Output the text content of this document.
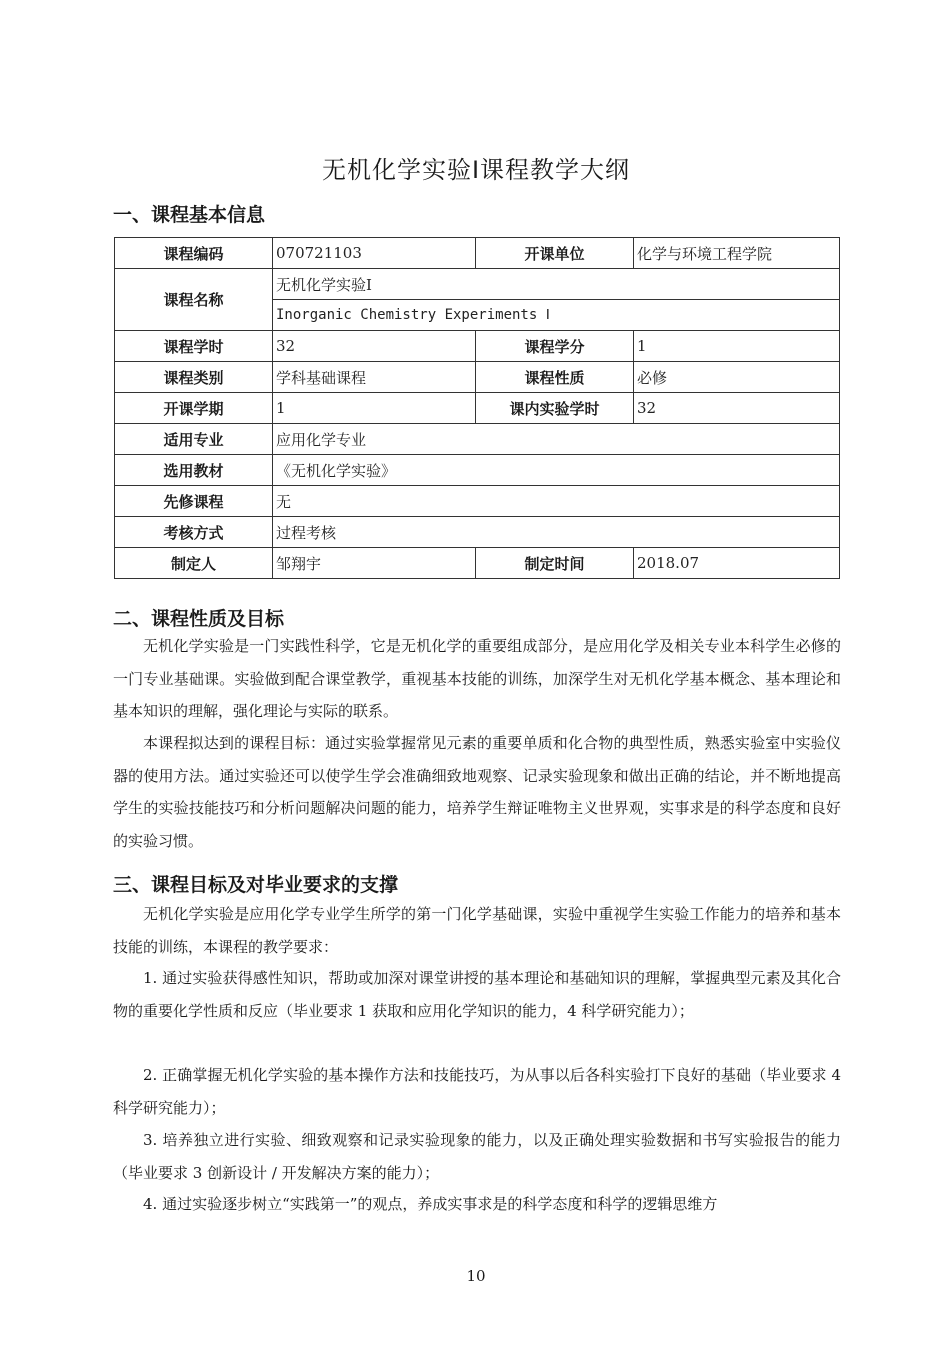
无机化学实验Ⅰ课程教学大纲
一、课程基本信息
课程编码	070721103	开课单位	化学与环境工程学院
课程名称	无机化学实验Ⅰ		
	Inorganic Chemistry Experiments Ⅰ		
课程学时	32	课程学分	1
课程类别	学科基础课程	课程性质	必修
开课学期	1	课内实验学时	32
适用专业	应用化学专业		
选用教材	《无机化学实验》		
先修课程	无		
考核方式	过程考核		
制定人	邹翔宇	制定时间	2018.07
二、课程性质及目标

无机化学实验是一门实践性科学，它是无机化学的重要组成部分，是应用化学及相关专业本科学生必修的一门专业基础课。实验做到配合课堂教学，重视基本技能的训练，加深学生对无机化学基本概念、基本理论和基本知识的理解，强化理论与实际的联系。

本课程拟达到的课程目标：通过实验掌握常见元素的重要单质和化合物的典型性质，熟悉实验室中实验仪器的使用方法。通过实验还可以使学生学会准确细致地观察、记录实验现象和做出正确的结论，并不断地提高学生的实验技能技巧和分析问题解决问题的能力，培养学生辩证唯物主义世界观，实事求是的科学态度和良好的实验习惯。

三、课程目标及对毕业要求的支撑

无机化学实验是应用化学专业学生所学的第一门化学基础课，实验中重视学生实验工作能力的培养和基本技能的训练，本课程的教学要求：

1. 通过实验获得感性知识，帮助或加深对课堂讲授的基本理论和基础知识的理解，掌握典型元素及其化合物的重要化学性质和反应（毕业要求 1 获取和应用化学知识的能力，4 科学研究能力）；

2. 正确掌握无机化学实验的基本操作方法和技能技巧，为从事以后各科实验打下良好的基础（毕业要求 4 科学研究能力）；

3. 培养独立进行实验、细致观察和记录实验现象的能力，以及正确处理实验数据和书写实验报告的能力（毕业要求 3 创新设计 / 开发解决方案的能力）；

4. 通过实验逐步树立“实践第一”的观点，养成实事求是的科学态度和科学的逻辑思维方

10
